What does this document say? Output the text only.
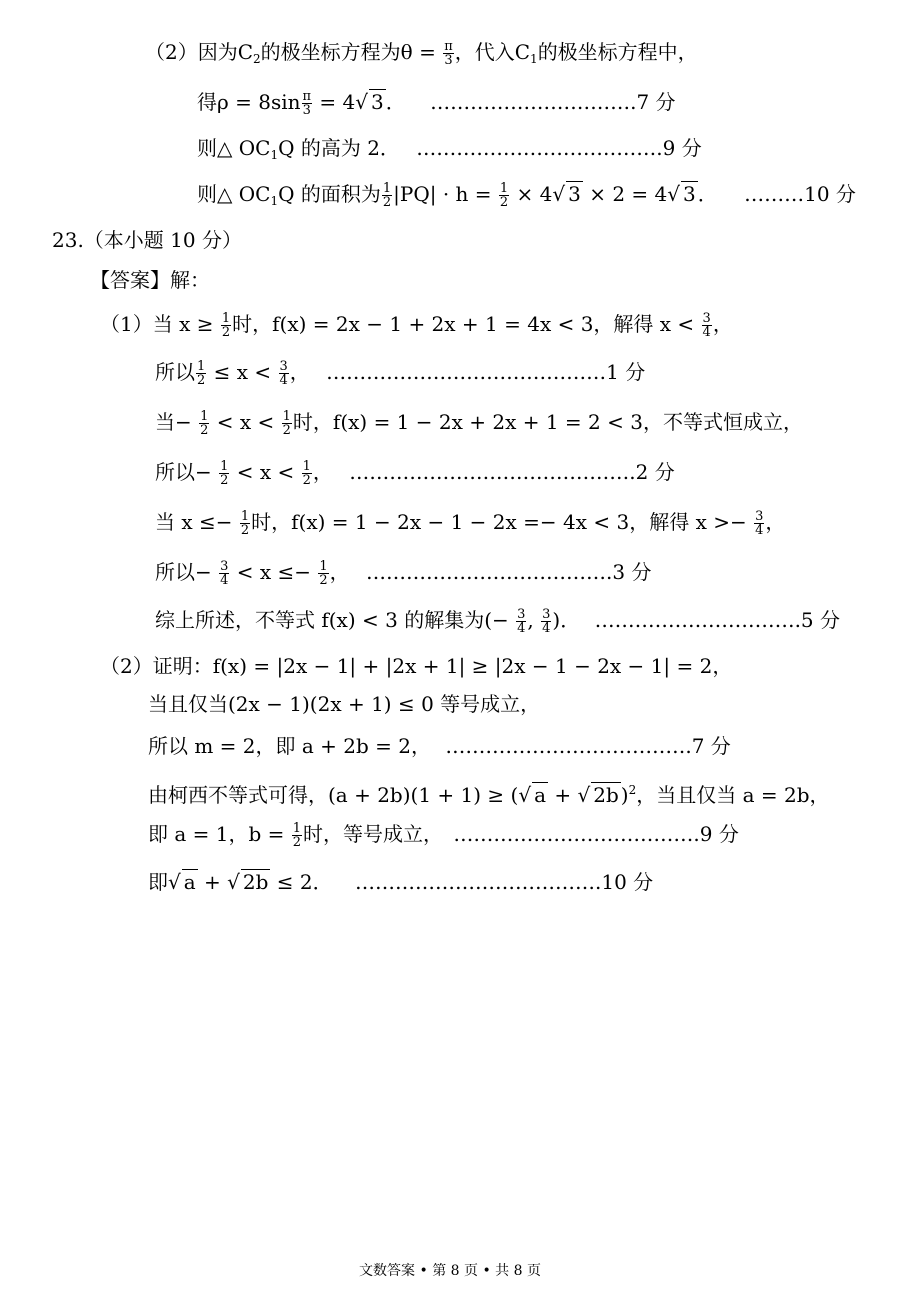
（2）因为$C_2$的极坐标方程为$\theta = \frac{\pi}{3}$ ，代入$C_1$的极坐标方程中，
得$\rho = 8\sin \frac{\pi}{3} = 4√$ 3 ． ………………………….7 分
则△ $OC_1Q$ 的高为 2． ……………………………….9 分
则△ $OC_1Q$ 的面积为 $\frac{1}{2} |PQ| \cdot h = \frac{1}{2} \times 4√$ 3 × 2 = 4√ 3 ． ………10 分
23.（本小题 10 分）
【答案】解：
（1）当 $x \ge \frac{1}{2}$ 时，f(x) = 2x − 1 + 2x + 1 = 4x < 3，解得 $x < \frac{3}{4}$ ，
所以 $\frac{1}{2} \le x < \frac{3}{4}$ ， ……………………………………1 分
当− $\frac{1}{2} < x < \frac{1}{2}$ 时，f(x) = 1 − 2x + 2x + 1 = 2 < 3，不等式恒成立，
所以− $\frac{1}{2} < x < \frac{1}{2}$ ， …………………………………….2 分
当 $x \le- \frac{1}{2}$ 时，f(x) = 1 − 2x − 1 − 2x =− 4x < 3，解得 $x >- \frac{3}{4}$ ，
所以− $\frac{3}{4} < x \le- \frac{1}{2}$ ， ……………………………….3 分
综上所述，不等式 f(x) < 3 的解集为(− $\frac{3}{4}$ , $\frac{3}{4}$ )． ………………………….5 分
（2）证明：f(x) = |2x − 1| + |2x + 1| ≥ |2x − 1 − 2x − 1| = 2，
当且仅当(2x − 1)(2x + 1) ≤ 0 等号成立，
所以 m = 2，即 a + 2b = 2， ……………………………….7 分
由柯西不等式可得，(a + 2b)(1 + 1) ≥ (√ a + √ 2b )$^2$，当且仅当 a = 2b，
即 a = 1，$b = \frac{1}{2}$ 时，等号成立， ……………………………….9 分
即√ a + √ 2b ≤ 2． ……………………………….10 分
文数答案 • 第 8 页 • 共 8 页
